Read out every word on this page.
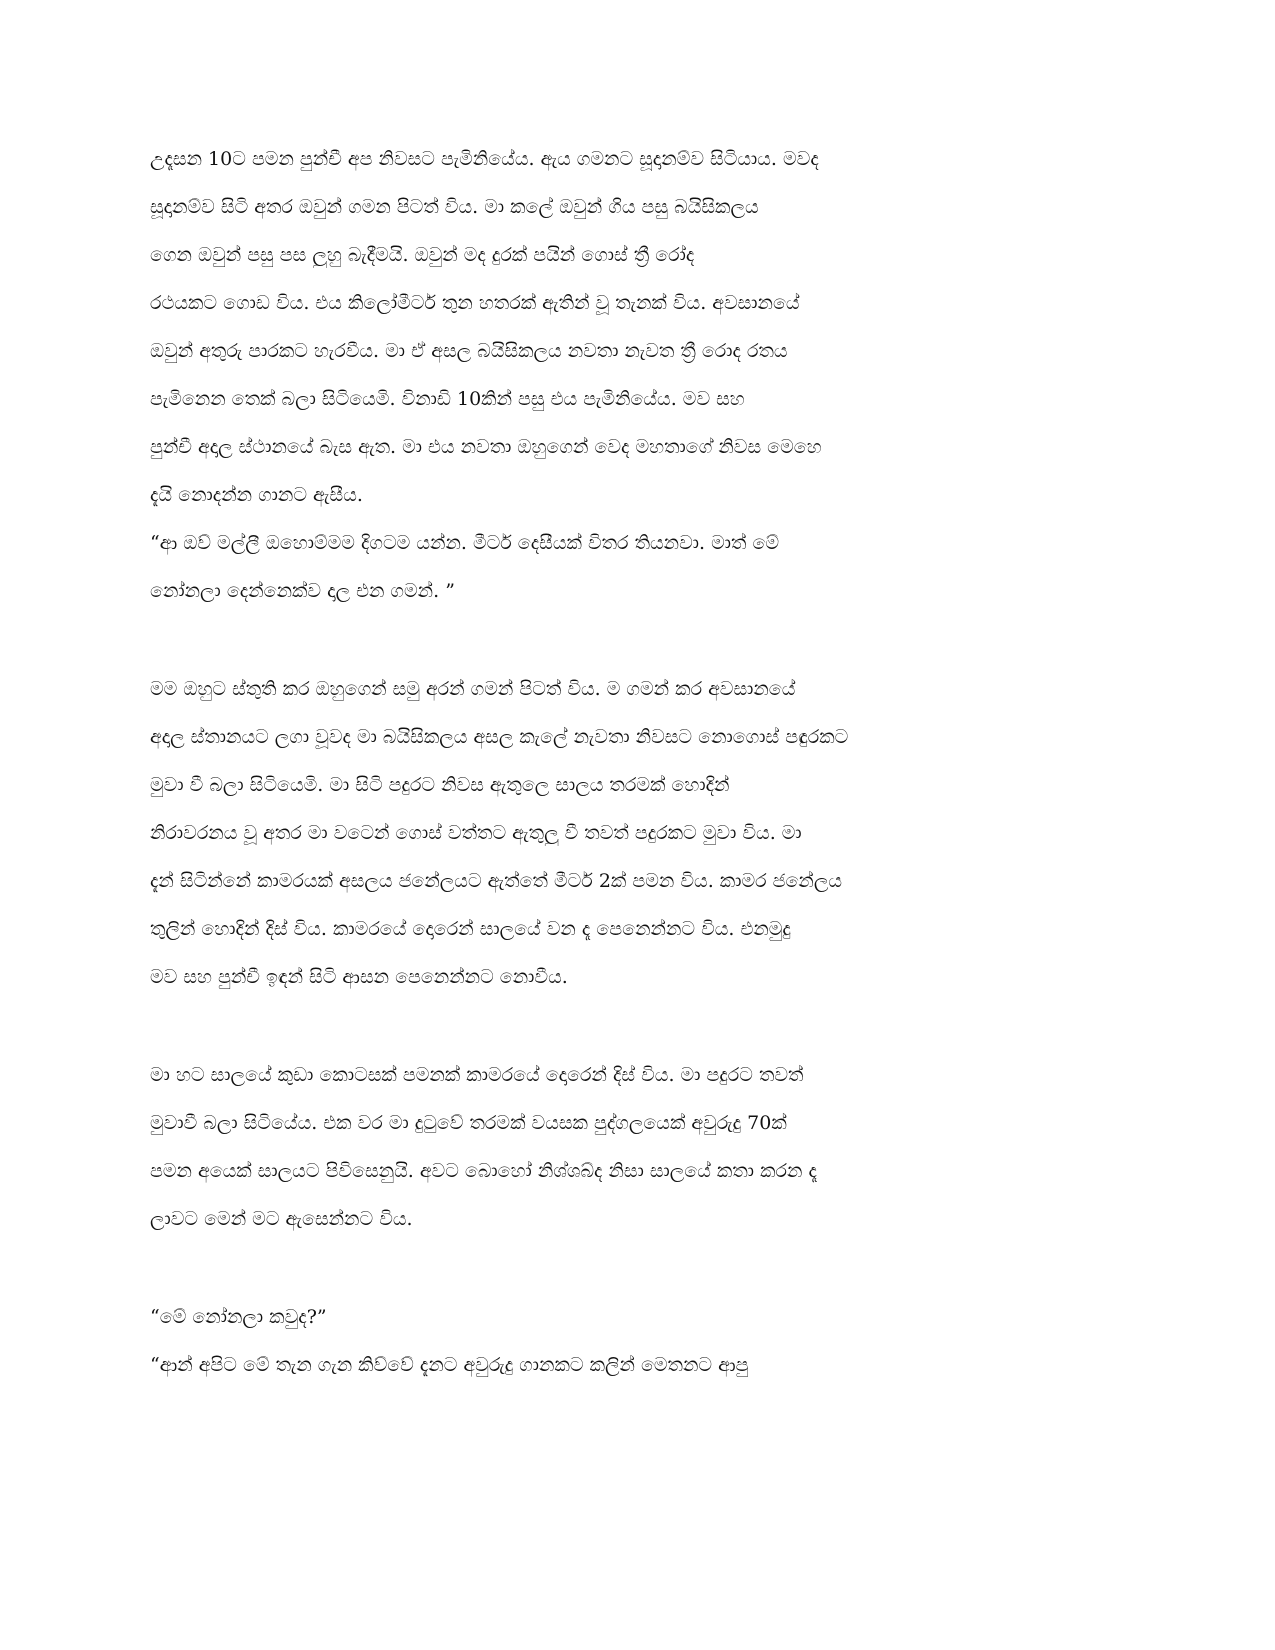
උදෑසන 10ට පමන පුන්චී අප නිවසට පැමිනියේය. ඇය ගමනට සූදානම්ව සිටියාය. මවද
සූදානම්ව සිටි අතර ඔවුන් ගමන පිටත් විය. මා කලේ ඔවුන් ගිය පසු බයිසිකලය
ගෙන ඔවුන් පසු පස ලුහු බැදීමයි. ඔවුන් මද දුරක් පයින් ගොස් ත්‍රී රෝද
රථයකට ගොඩ විය. එය කිලෝමීටර් තුන හතරක් ඇතින් වූ තැනක් විය. අවසානයේ
ඔවුන් අතුරු පාරකට හැරවීය. මා ඒ අසල බයිසිකලය නවතා නැවත ත්‍රී රොද රතය
පැමිනෙන තෙක් බලා සිටියෙමි. විනාඩි 10කින් පසු එය පැමිනියේය. මව සහ
පුන්චී අදාල ස්ථානයේ බැස ඇත. මා එය නවතා ඔහුගෙන් වෙද මහතාගේ නිවස මෙහෙ
දැයි නොදන්න ගානට ඇසීය.
“ආ ඔව් මල්ලී ඔහොම්මම දිගටම යන්න. මීටර් දෙසීයක් විතර තියනවා. මාත් මේ
නෝනලා දෙන්නෙක්ව දාල එන ගමන්. ”
මම ඔහුට ස්තුති කර ඔහුගෙන් සමු අරන් ගමන් පිටත් විය. ම ගමන් කර අවසානයේ
අදාල ස්තානයට ලගා වූවද මා බයිසිකලය අසල කැලේ නැවතා නිවසට නොගොස් පඳුරකට
මුවා වී බලා සිටියෙමි. මා සිටි පදුරට නිවස ඇතුලෙ සාලය තරමක් හොදින්
නිරාවරනය වූ අතර මා වටෙන් ගොස් වත්තට ඇතුලු වී තවත් පදුරකට මුවා විය. මා
දැන් සිටින්නේ කාමරයක් අසලය ජනේලයට ඇත්තේ මීටර් 2ක් පමන විය. කාමර ජනේලය
තුලින් හොදින් දිස් විය. කාමරයේ දොරෙන් සාලයේ වන දෑ පෙනෙන්නට විය. එනමුදු
මව සහ පුන්චී ඉඳන් සිටි ආසන පෙනෙන්නට නොවීය.
මා හට සාලයේ කුඩා කොටසක් පමනක් කාමරයේ දොරෙන් දිස් විය. මා පදුරට තවත්
මුවාවී බලා සිටියේය. එක වර මා දුටුවේ තරමක් වයසක පුද්ගලයෙක් අවුරුදු 70ක්
පමන අයෙක් සාලයට පිවිසෙනුයි. අවට බොහෝ නිශ්ශබ්ද නිසා සාලයේ කතා කරන දෑ
ලාවට මෙන් මට ඇසෙන්නට විය.
“මේ නෝනලා කවුද?”
“ආන් අපිට මේ තැන ගැන කිව්වේ දැනට අවුරුදු ගානකට කලින් මෙතනට ආපු
